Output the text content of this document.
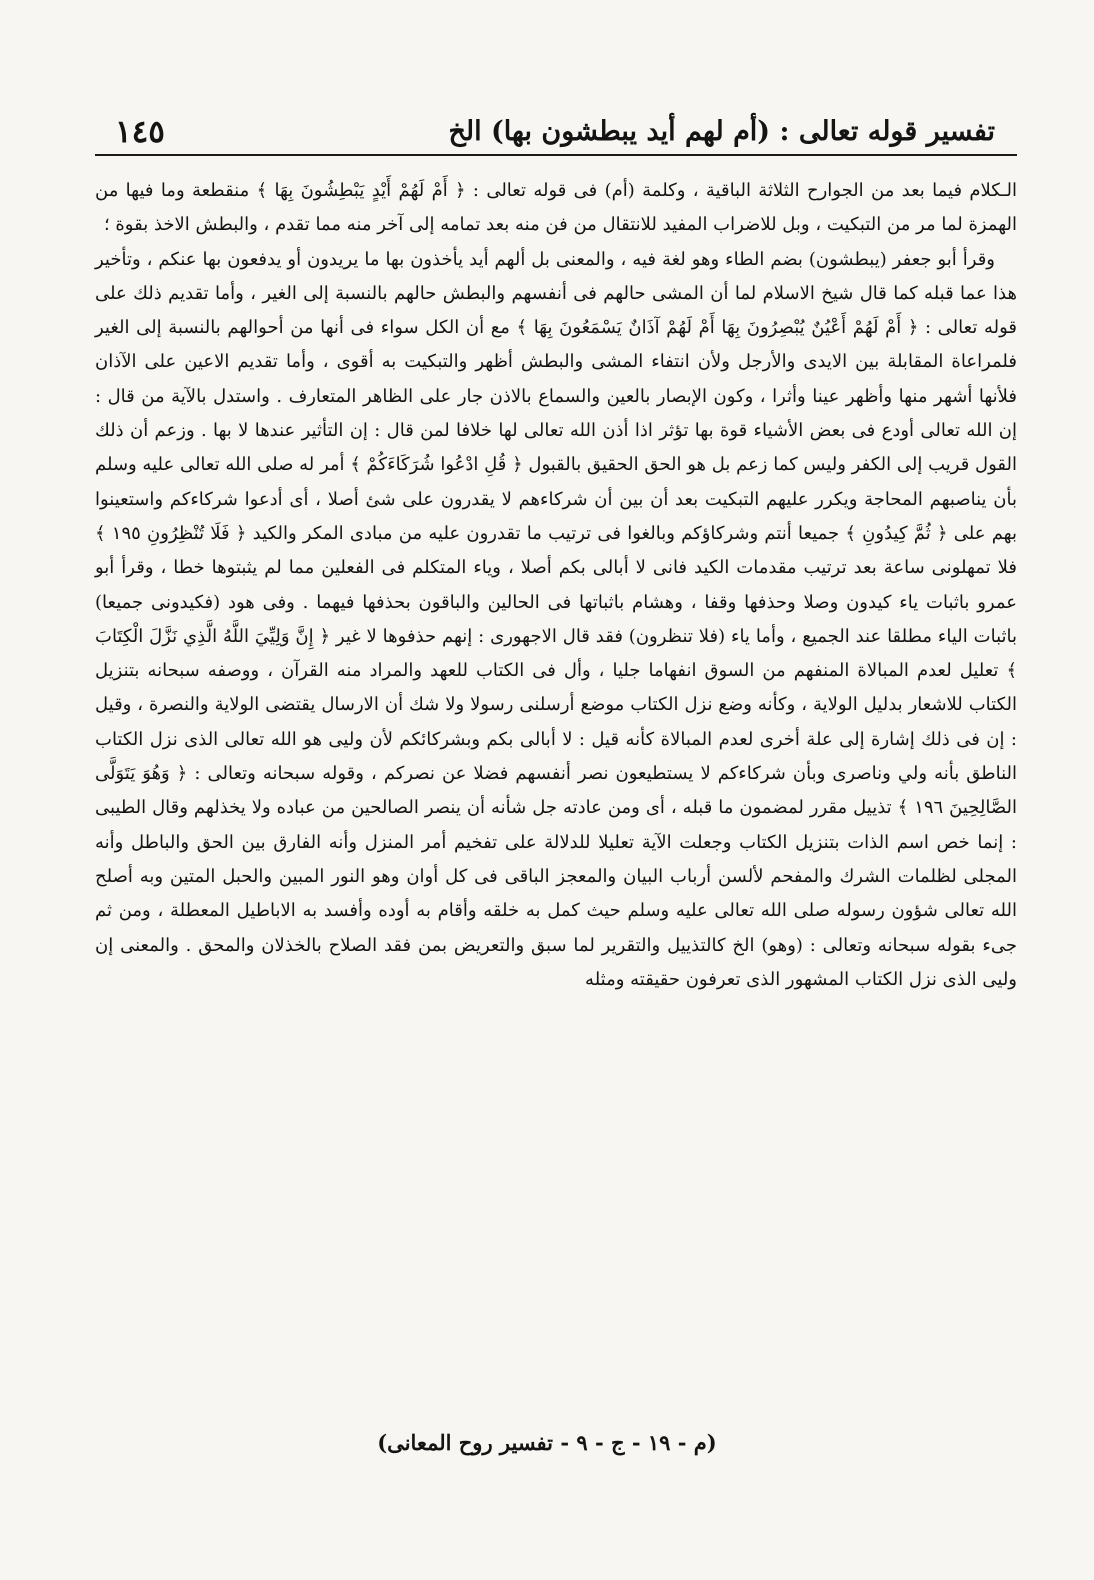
تفسير قوله تعالى : (أم لهم أيد يبطشون بها) الخ
١٤٥

الـكلام فيما بعد من الجوارح الثلاثة الباقية ، وكلمة (أم) فى قوله تعالى : ﴿ أَمْ لَهُمْ أَيْدٍ يَبْطِشُونَ بِهَا ﴾ منقطعة وما فيها من الهمزة لما مر من التبكيت ، وبل للاضراب المفيد للانتقال من فن منه بعد تمامه إلى آخر منه مما تقدم ، والبطش الاخذ بقوة ؛

وقرأ أبو جعفر (يبطشون) بضم الطاء وهو لغة فيه ، والمعنى بل ألهم أيد يأخذون بها ما يريدون أو يدفعون بها عنكم ، وتأخير هذا عما قبله كما قال شيخ الاسلام لما أن المشى حالهم فى أنفسهم والبطش حالهم بالنسبة إلى الغير ، وأما تقديم ذلك على قوله تعالى : ﴿ أَمْ لَهُمْ أَعْيُنٌ يُبْصِرُونَ بِهَا أَمْ لَهُمْ آذَانٌ يَسْمَعُونَ بِهَا ﴾ مع أن الكل سواء فى أنها من أحوالهم بالنسبة إلى الغير فلمراعاة المقابلة بين الايدى والأرجل ولأن انتفاء المشى والبطش أظهر والتبكيت به أقوى ، وأما تقديم الاعين على الآذان فلأنها أشهر منها وأظهر عينا وأثرا ، وكون الإبصار بالعين والسماع بالاذن جار على الظاهر المتعارف . واستدل بالآية من قال : إن الله تعالى أودع فى بعض الأشياء قوة بها تؤثر اذا أذن الله تعالى لها خلافا لمن قال : إن التأثير عندها لا بها . وزعم أن ذلك القول قريب إلى الكفر وليس كما زعم بل هو الحق الحقيق بالقبول ﴿ قُلِ ادْعُوا شُرَكَاءَكُمْ ﴾ أمر له صلى الله تعالى عليه وسلم بأن يناصبهم المحاجة ويكرر عليهم التبكيت بعد أن بين أن شركاءهم لا يقدرون على شئ أصلا ، أى أدعوا شركاءكم واستعينوا بهم على ﴿ ثُمَّ كِيدُونِ ﴾ جميعا أنتم وشركاؤكم وبالغوا فى ترتيب ما تقدرون عليه من مبادى المكر والكيد ﴿ فَلَا تُنْظِرُونِ ١٩٥ ﴾ فلا تمهلونى ساعة بعد ترتيب مقدمات الكيد فانى لا أبالى بكم أصلا ، وياء المتكلم فى الفعلين مما لم يثبتوها خطا ، وقرأ أبو عمرو باثبات ياء كيدون وصلا وحذفها وقفا ، وهشام باثباتها فى الحالين والباقون بحذفها فيهما . وفى هود (فكيدونى جميعا) باثبات الياء مطلقا عند الجميع ، وأما ياء (فلا تنظرون) فقد قال الاجهورى : إنهم حذفوها لا غير ﴿ إِنَّ وَلِيِّيَ اللَّهُ الَّذِي نَزَّلَ الْكِتَابَ ﴾ تعليل لعدم المبالاة المنفهم من السوق انفهاما جليا ، وأل فى الكتاب للعهد والمراد منه القرآن ، ووصفه سبحانه بتنزيل الكتاب للاشعار بدليل الولاية ، وكأنه وضع نزل الكتاب موضع أرسلنى رسولا ولا شك أن الارسال يقتضى الولاية والنصرة ، وقيل : إن فى ذلك إشارة إلى علة أخرى لعدم المبالاة كأنه قيل : لا أبالى بكم وبشركائكم لأن وليى هو الله تعالى الذى نزل الكتاب الناطق بأنه ولي وناصرى وبأن شركاءكم لا يستطيعون نصر أنفسهم فضلا عن نصركم ، وقوله سبحانه وتعالى : ﴿ وَهُوَ يَتَوَلَّى الصَّالِحِينَ ١٩٦ ﴾ تذييل مقرر لمضمون ما قبله ، أى ومن عادته جل شأنه أن ينصر الصالحين من عباده ولا يخذلهم وقال الطيبى : إنما خص اسم الذات بتنزيل الكتاب وجعلت الآية تعليلا للدلالة على تفخيم أمر المنزل وأنه الفارق بين الحق والباطل وأنه المجلى لظلمات الشرك والمفحم لألسن أرباب البيان والمعجز الباقى فى كل أوان وهو النور المبين والحبل المتين وبه أصلح الله تعالى شؤون رسوله صلى الله تعالى عليه وسلم حيث كمل به خلقه وأقام به أوده وأفسد به الاباطيل المعطلة ، ومن ثم جىء بقوله سبحانه وتعالى : (وهو) الخ كالتذييل والتقرير لما سبق والتعريض بمن فقد الصلاح بالخذلان والمحق . والمعنى إن وليى الذى نزل الكتاب المشهور الذى تعرفون حقيقته ومثله

(م - ١٩ - ج - ٩ - تفسير روح المعانى)
